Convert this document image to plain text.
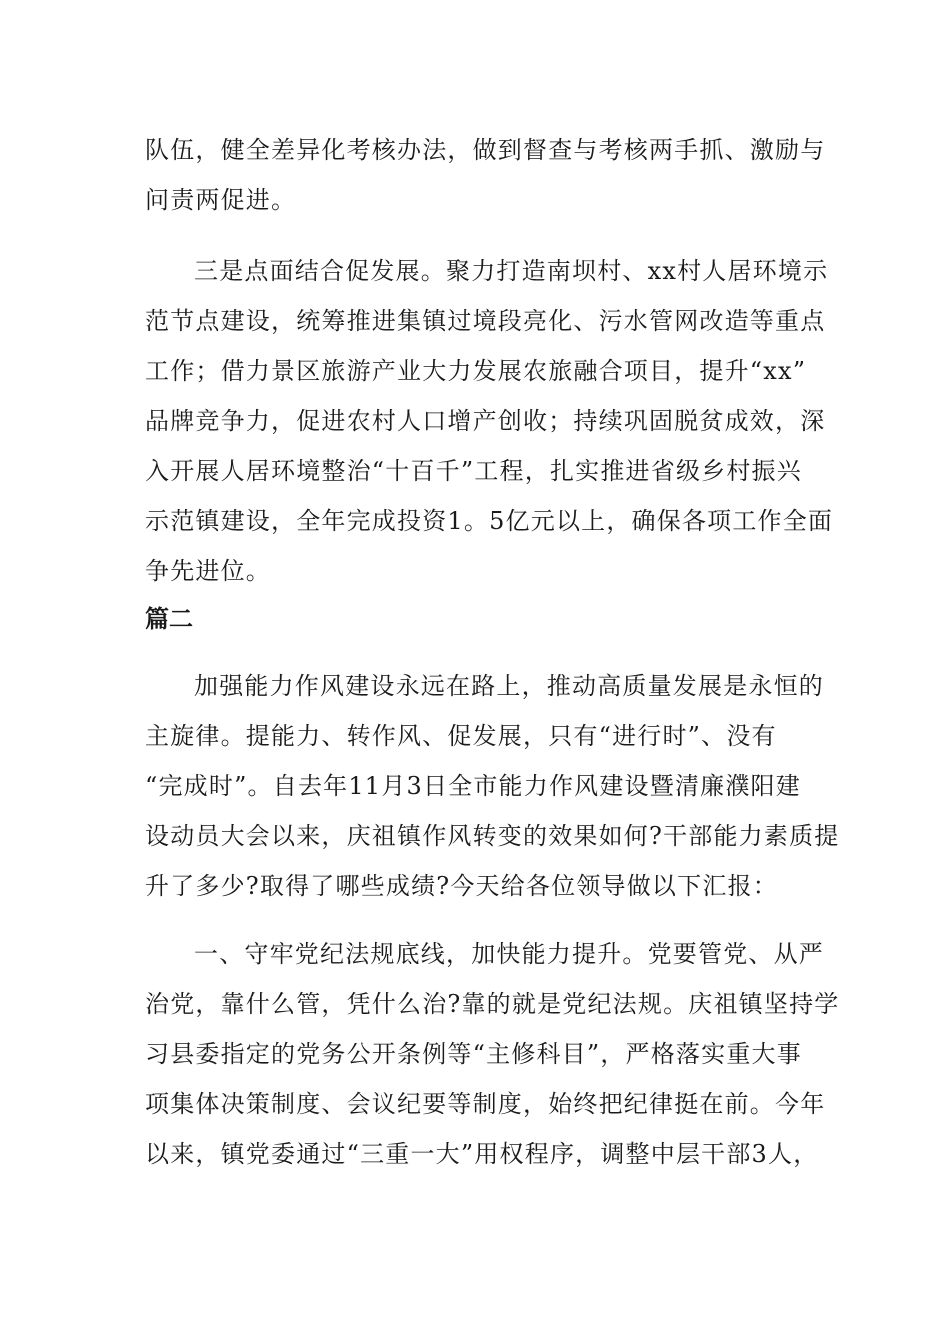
队伍，健全差异化考核办法，做到督查与考核两手抓、激励与
问责两促进。
三是点面结合促发展。聚力打造南坝村、xx村人居环境示
范节点建设，统筹推进集镇过境段亮化、污水管网改造等重点
工作；借力景区旅游产业大力发展农旅融合项目，提升“xx”
品牌竞争力，促进农村人口增产创收；持续巩固脱贫成效，深
入开展人居环境整治“十百千”工程，扎实推进省级乡村振兴
示范镇建设，全年完成投资1。5亿元以上，确保各项工作全面
争先进位。
篇二
加强能力作风建设永远在路上，推动高质量发展是永恒的
主旋律。提能力、转作风、促发展，只有“进行时”、没有
“完成时”。自去年11月3日全市能力作风建设暨清廉濮阳建
设动员大会以来，庆祖镇作风转变的效果如何?干部能力素质提
升了多少?取得了哪些成绩?今天给各位领导做以下汇报：
一、守牢党纪法规底线，加快能力提升。党要管党、从严
治党，靠什么管，凭什么治?靠的就是党纪法规。庆祖镇坚持学
习县委指定的党务公开条例等“主修科目”，严格落实重大事
项集体决策制度、会议纪要等制度，始终把纪律挺在前。今年
以来，镇党委通过“三重一大”用权程序，调整中层干部3人，
